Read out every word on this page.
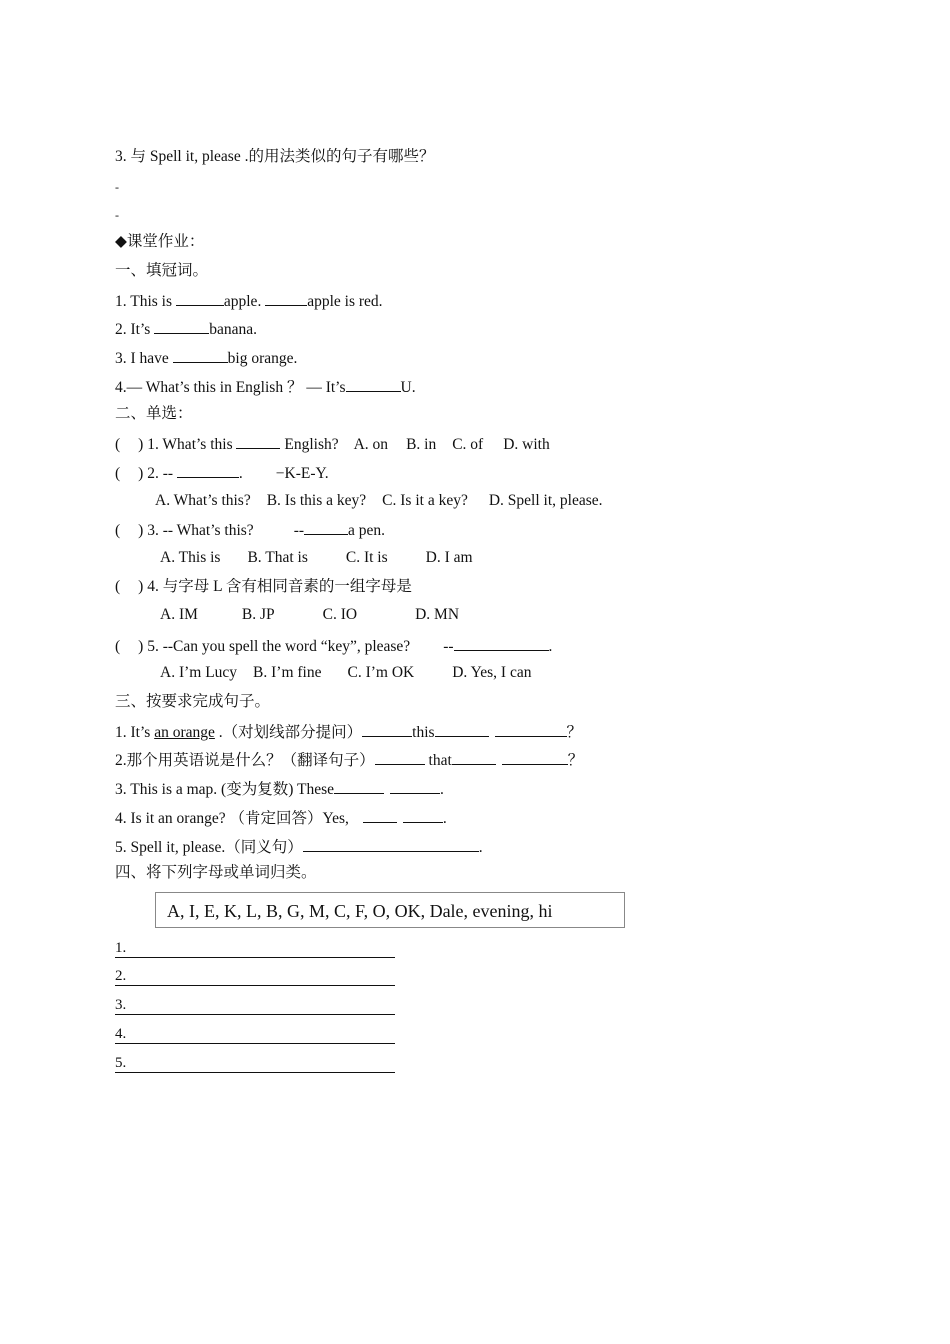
3. 与 Spell it, please .的用法类似的句子有哪些？
-
-
◆课堂作业：
一、填冠词。
1. This is	apple.	apple is red.
2. It’s	banana.
3. I have	big orange.
4.— What’s this in English ？ — It’s	U.
二、单选：
( ) 1. What’s this	English? A. on B. in C. of D. with
( ) 2. --	. −K-E-Y.
A. What’s this? B. Is this a key? C. Is it a key? D. Spell it, please.
( ) 3. -- What’s this?	--	a pen.
A. This is B. That is C. It is D. I am
( ) 4. 与字母 L 含有相同音素的一组字母是
A. IM	B. JP	C. IO	D. MN
( ) 5. --Can you spell the word “key”, please? --	.
A. I’m Lucy B. I’m fine C. I’m OK D. Yes, I can
三、按要求完成句子。
1. It’s an orange .（对划线部分提问）	this	？
2.那个用英语说是什么？（翻译句子）	that	？
3. This is a map. (变为复数) These	.
4. Is it an orange? （肯定回答）Yes,	.
5. Spell it, please.（同义句）	.
四、将下列字母或单词归类。
A, I, E, K, L, B, G, M, C, F, O, OK, Dale, evening, hi
1.
2.
3.
4.
5.
